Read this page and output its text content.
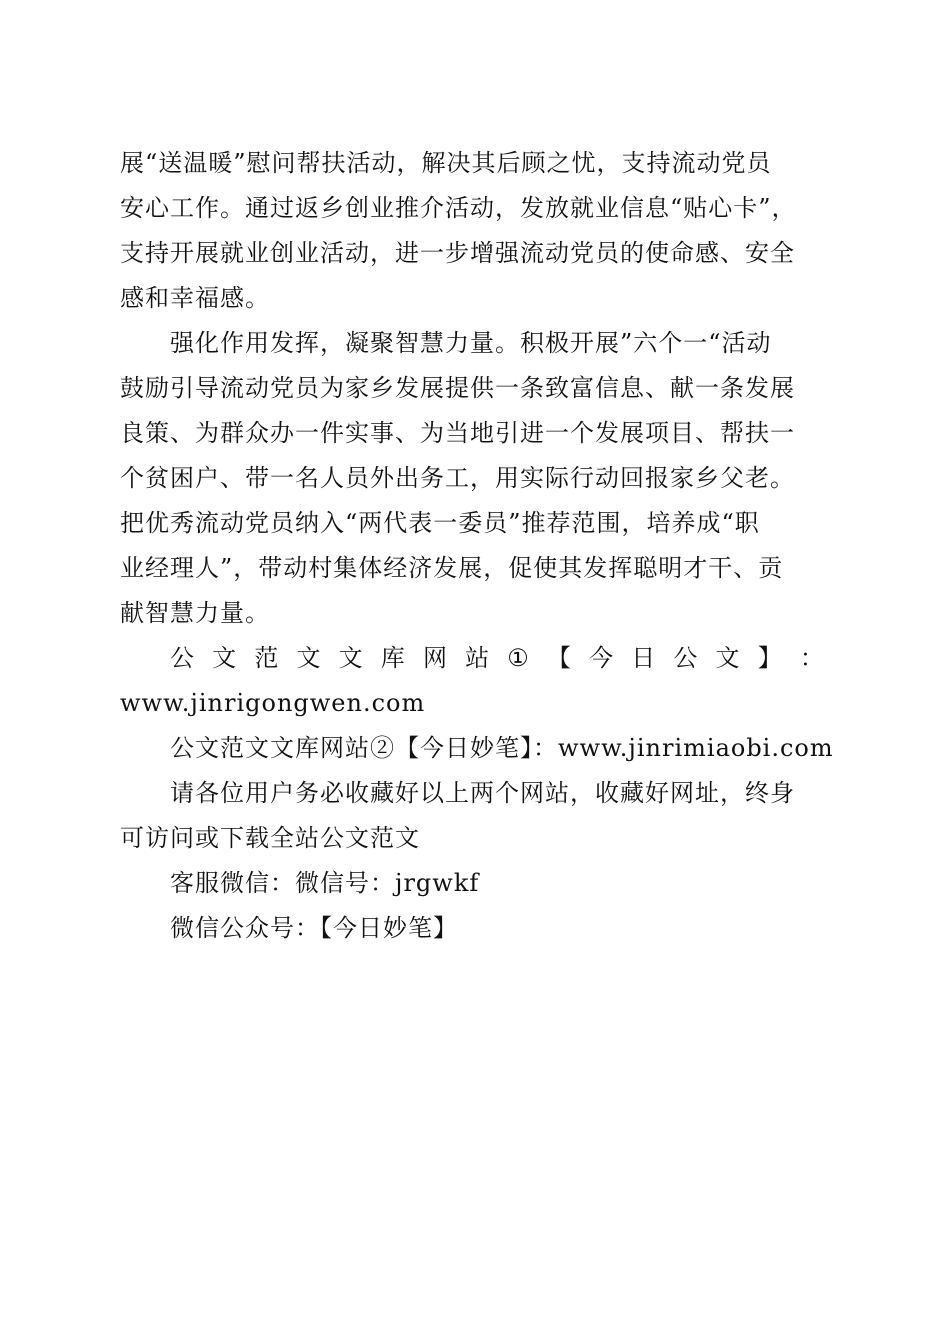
展“送温暖”慰问帮扶活动，解决其后顾之忧，支持流动党员
安心工作。通过返乡创业推介活动，发放就业信息“贴心卡”，
支持开展就业创业活动，进一步增强流动党员的使命感、安全
感和幸福感。
强化作用发挥，凝聚智慧力量。积极开展”六个一“活动
鼓励引导流动党员为家乡发展提供一条致富信息、献一条发展
良策、为群众办一件实事、为当地引进一个发展项目、帮扶一
个贫困户、带一名人员外出务工，用实际行动回报家乡父老。
把优秀流动党员纳入“两代表一委员”推荐范围，培养成“职
业经理人”，带动村集体经济发展，促使其发挥聪明才干、贡
献智慧力量。
公 文 范 文 文 库 网 站 ① 【 今 日 公 文 】 ：
www.jinrigongwen.com
公文范文文库网站②【今日妙笔】：www.jinrimiaobi.com
请各位用户务必收藏好以上两个网站，收藏好网址，终身
可访问或下载全站公文范文
客服微信：微信号：jrgwkf
微信公众号：【今日妙笔】
